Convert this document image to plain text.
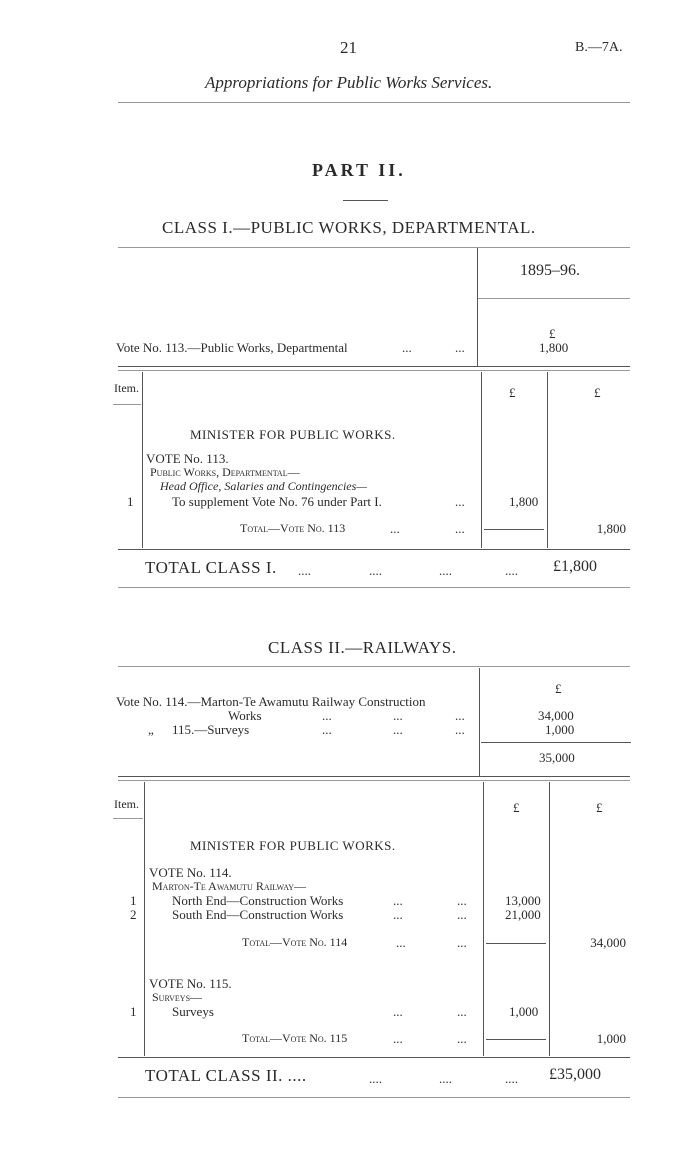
21	B.—7A.
Appropriations for Public Works Services.
PART II.
CLASS I.—PUBLIC WORKS, DEPARTMENTAL.
1895–96.
£
Vote No. 113.—Public Works, Departmental	...	...	1,800
Item.	£	£
MINISTER FOR PUBLIC WORKS.
VOTE No. 113.
Public Works, Departmental—
Head Office, Salaries and Contingencies—
1	To supplement Vote No. 76 under Part I.	...	1,800
Total—Vote No. 113	...	...	1,800
TOTAL CLASS I. ....	....	....	.... £1,800
CLASS II.—RAILWAYS.
£
Vote No. 114.—Marton-Te Awamutu Railway Construction
Works	...	...	...	34,000
„ 115.—Surveys	...	...	...	1,000
35,000
Item.	£	£
MINISTER FOR PUBLIC WORKS.
VOTE No. 114.
Marton-Te Awamutu Railway—
1	North End—Construction Works	...	...	13,000
2	South End—Construction Works	...	...	21,000
Total—Vote No. 114	...	...	34,000
VOTE No. 115.
Surveys—
1	Surveys	...	...	1,000
Total—Vote No. 115	...	...	1,000
TOTAL CLASS II. ....	....	....	.... £35,000
